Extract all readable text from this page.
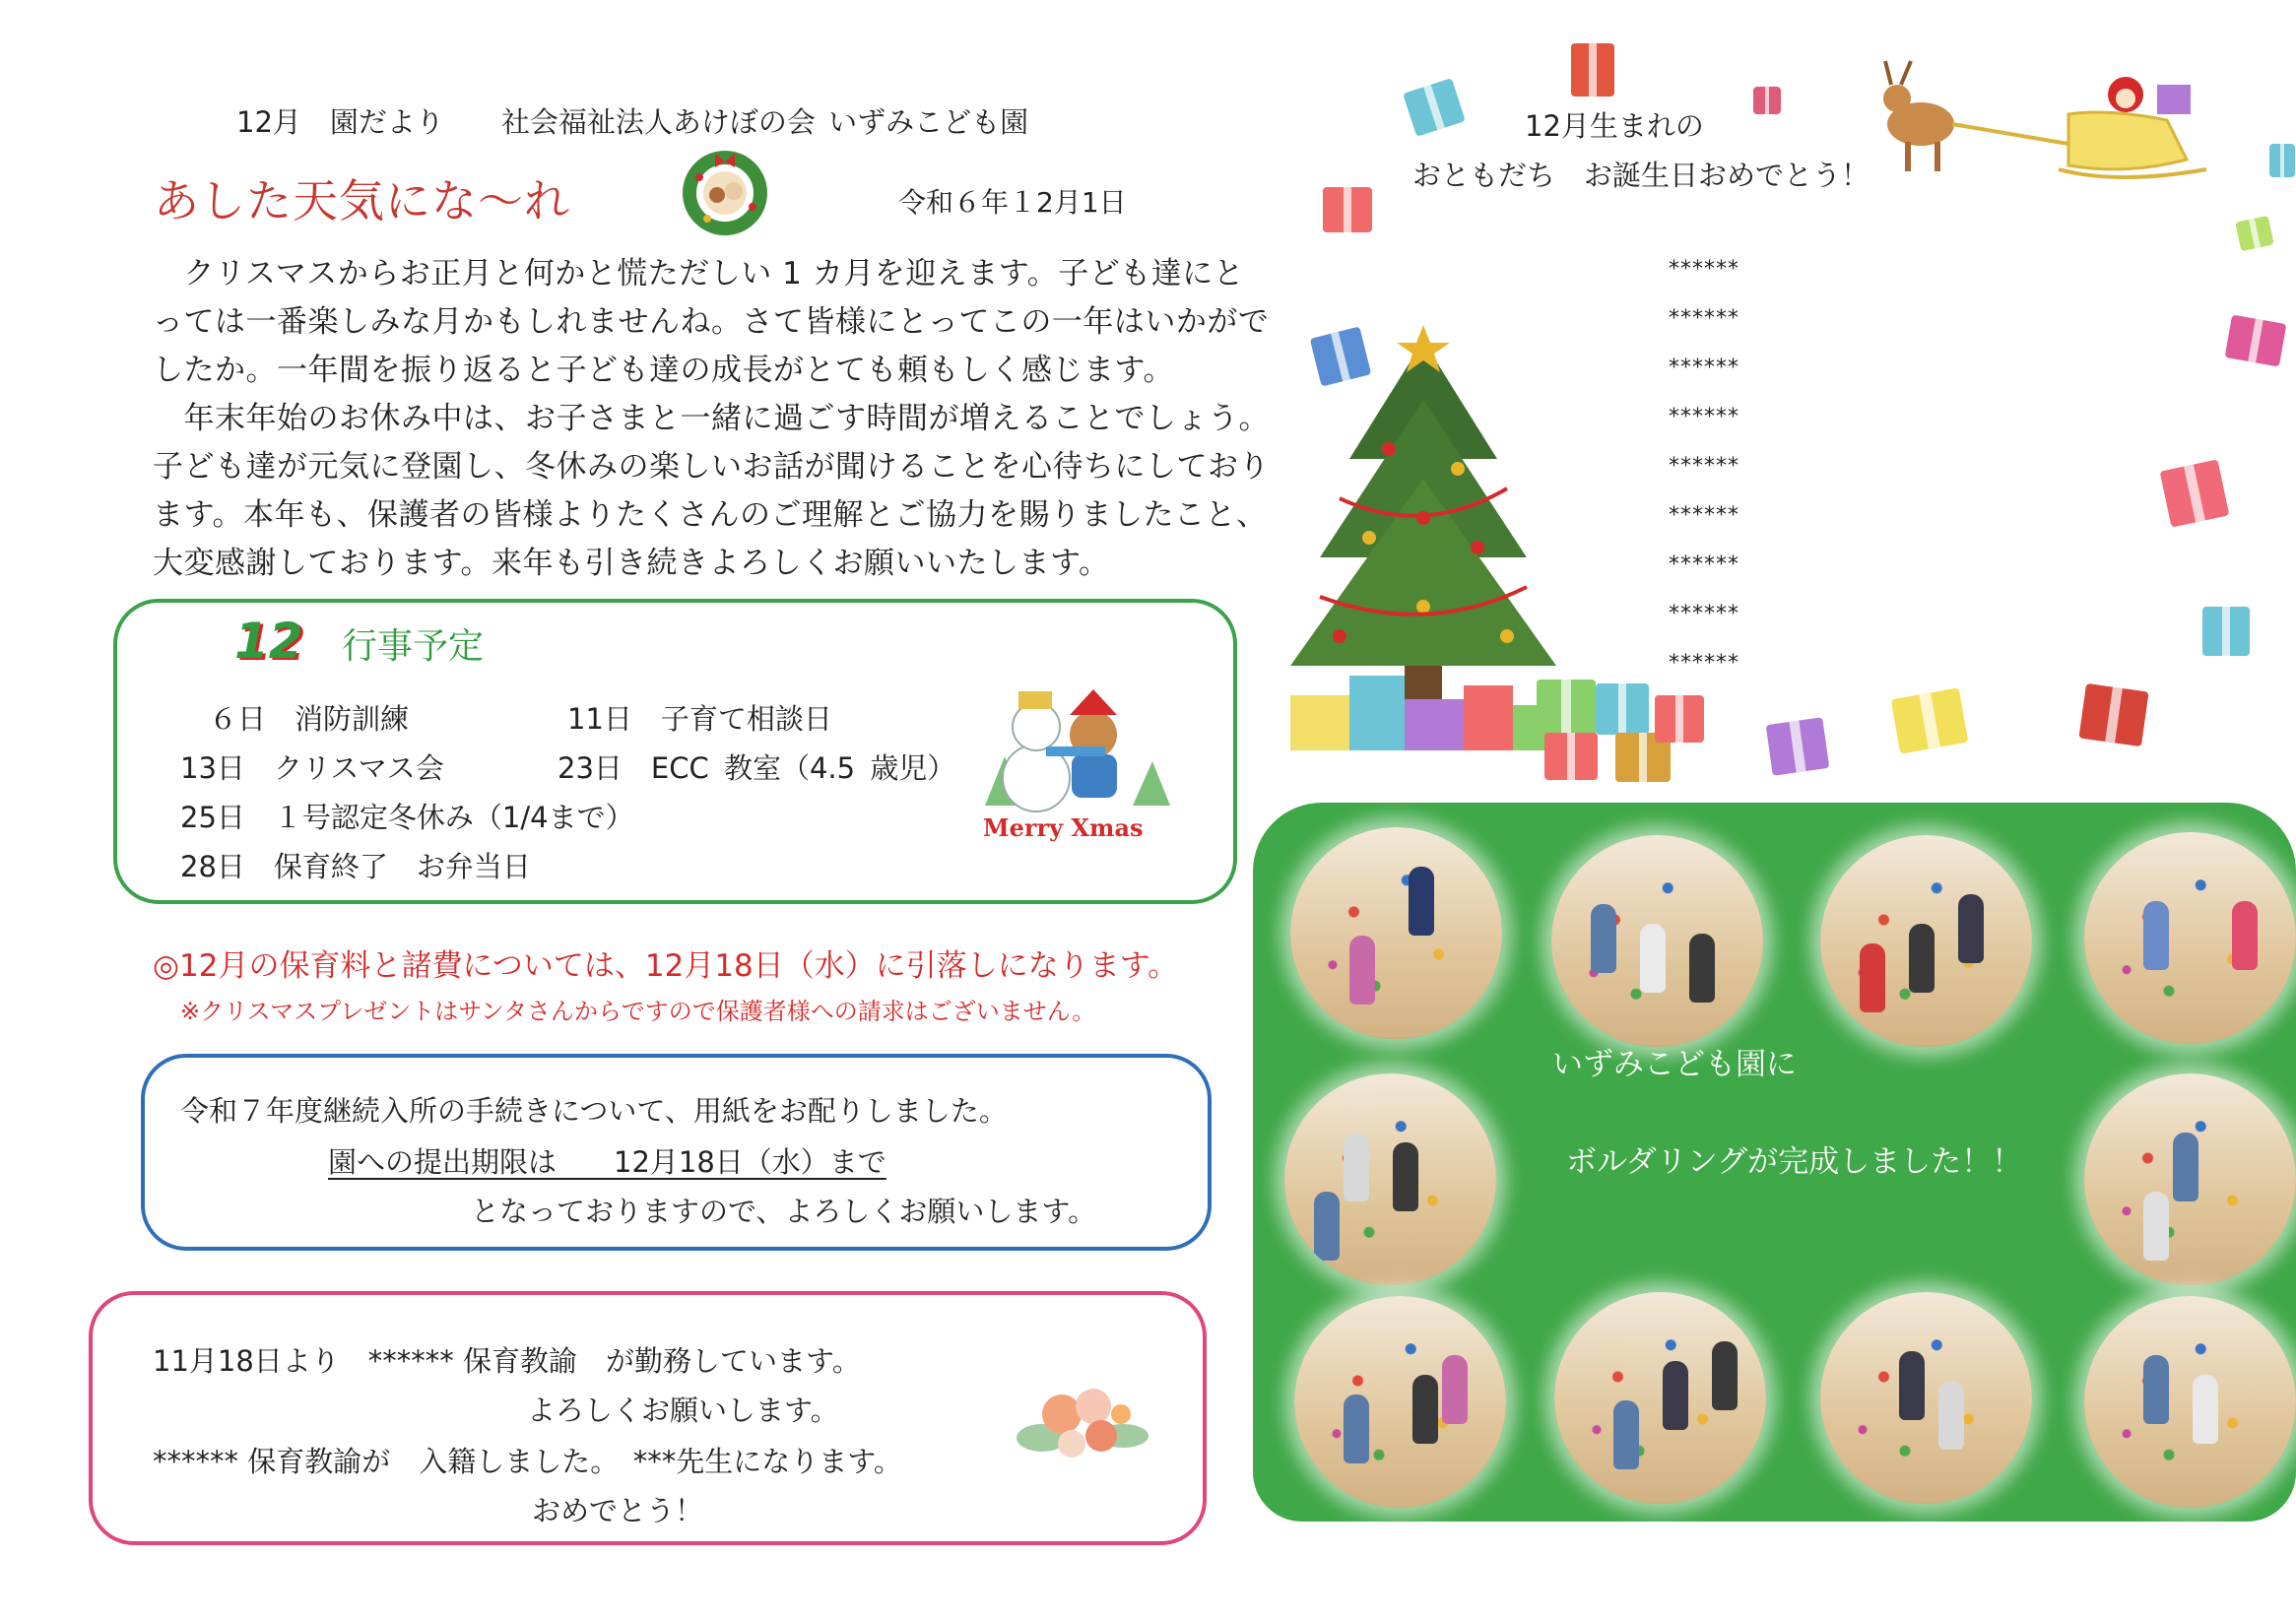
12月　園だより　　社会福祉法人あけぼの会 いずみこども園
あした天気にな～れ	令和６年１2月1日

　クリスマスからお正月と何かと慌ただしい 1 カ月を迎えます。子ども達にと

っては一番楽しみな月かもしれませんね。さて皆様にとってこの一年はいかがで

したか。一年間を振り返ると子ども達の成長がとても頼もしく感じます。

　年末年始のお休み中は、お子さまと一緒に過ごす時間が増えることでしょう。

子ども達が元気に登園し、冬休みの楽しいお話が聞けることを心待ちにしており

ます。本年も、保護者の皆様よりたくさんのご理解とご協力を賜りましたこと、

大変感謝しております。来年も引き続きよろしくお願いいたします。

12 行事予定
６日　消防訓練
13日　クリスマス会
25日　１号認定冬休み（1/4まで）
28日　保育終了　お弁当日
11日　子育て相談日
23日　ECC 教室（4.5 歳児）
Merry Xmas
◎12月の保育料と諸費については、12月18日（水）に引落しになります。
※クリスマスプレゼントはサンタさんからですので保護者様への請求はございません。
令和７年度継続入所の手続きについて、用紙をお配りしました。
園への提出期限は　　12月18日（水）まで
となっておりますので、よろしくお願いします。
11月18日より　****** 保育教諭　が勤務しています。
よろしくお願いします。
****** 保育教諭が　入籍しました。　***先生になります。
おめでとう！
12月生まれの
おともだち　お誕生日おめでとう！
******
******
******
******
******
******
******
******
******
いずみこども園に
ボルダリングが完成しました！！
